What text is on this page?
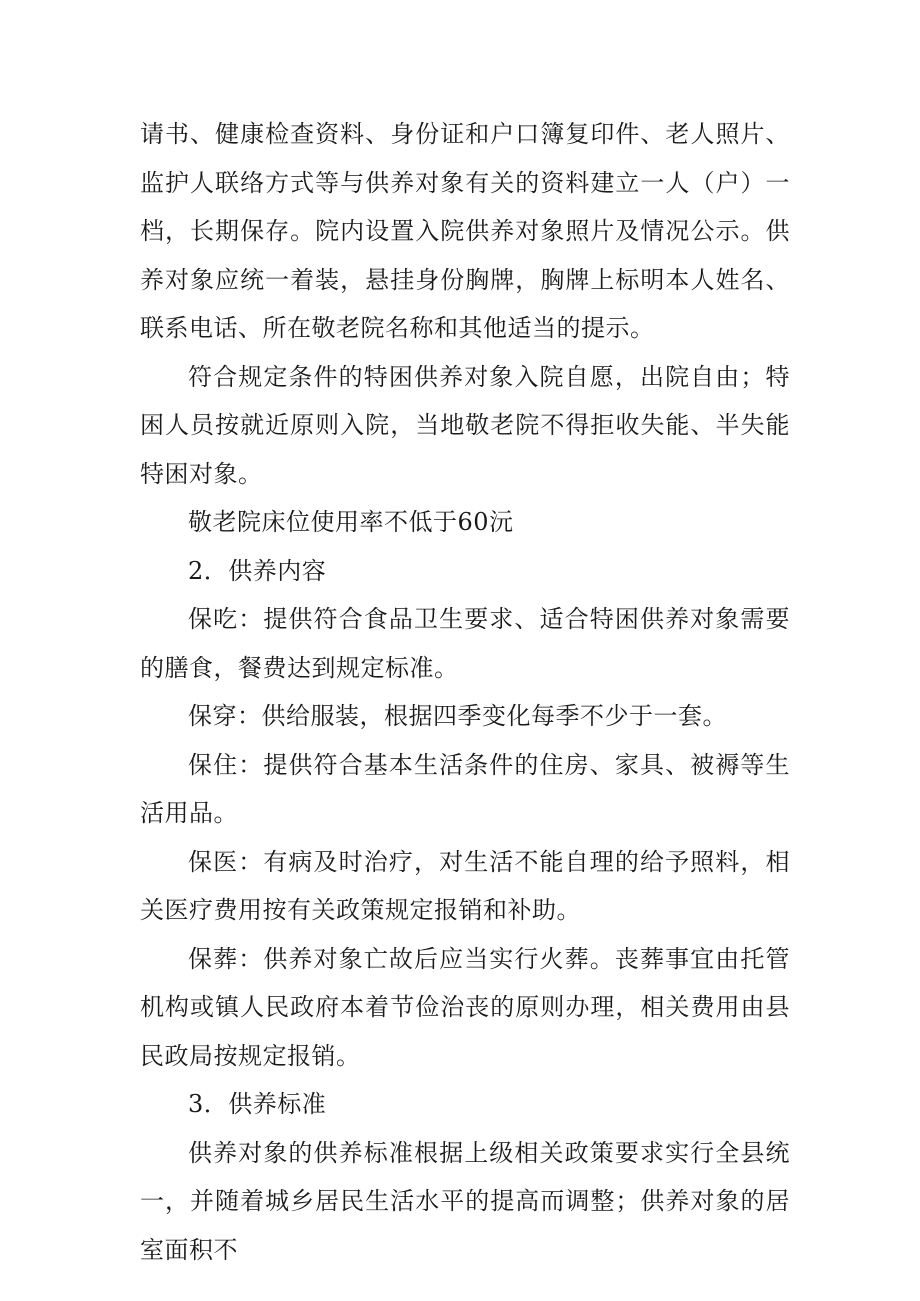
请书、健康检查资料、身份证和户口簿复印件、老人照片、监护人联络方式等与供养对象有关的资料建立一人（户）一档，长期保存。院内设置入院供养对象照片及情况公示。供养对象应统一着装，悬挂身份胸牌，胸牌上标明本人姓名、联系电话、所在敬老院名称和其他适当的提示。

符合规定条件的特困供养对象入院自愿，出院自由；特困人员按就近原则入院，当地敬老院不得拒收失能、半失能特困对象。

敬老院床位使用率不低于60沅

2．供养内容

保吃：提供符合食品卫生要求、适合特困供养对象需要的膳食，餐费达到规定标准。

保穿：供给服装，根据四季变化每季不少于一套。

保住：提供符合基本生活条件的住房、家具、被褥等生活用品。

保医：有病及时治疗，对生活不能自理的给予照料，相关医疗费用按有关政策规定报销和补助。

保葬：供养对象亡故后应当实行火葬。丧葬事宜由托管机构或镇人民政府本着节俭治丧的原则办理，相关费用由县民政局按规定报销。

3．供养标准

供养对象的供养标准根据上级相关政策要求实行全县统一，并随着城乡居民生活水平的提高而调整；供养对象的居室面积不
